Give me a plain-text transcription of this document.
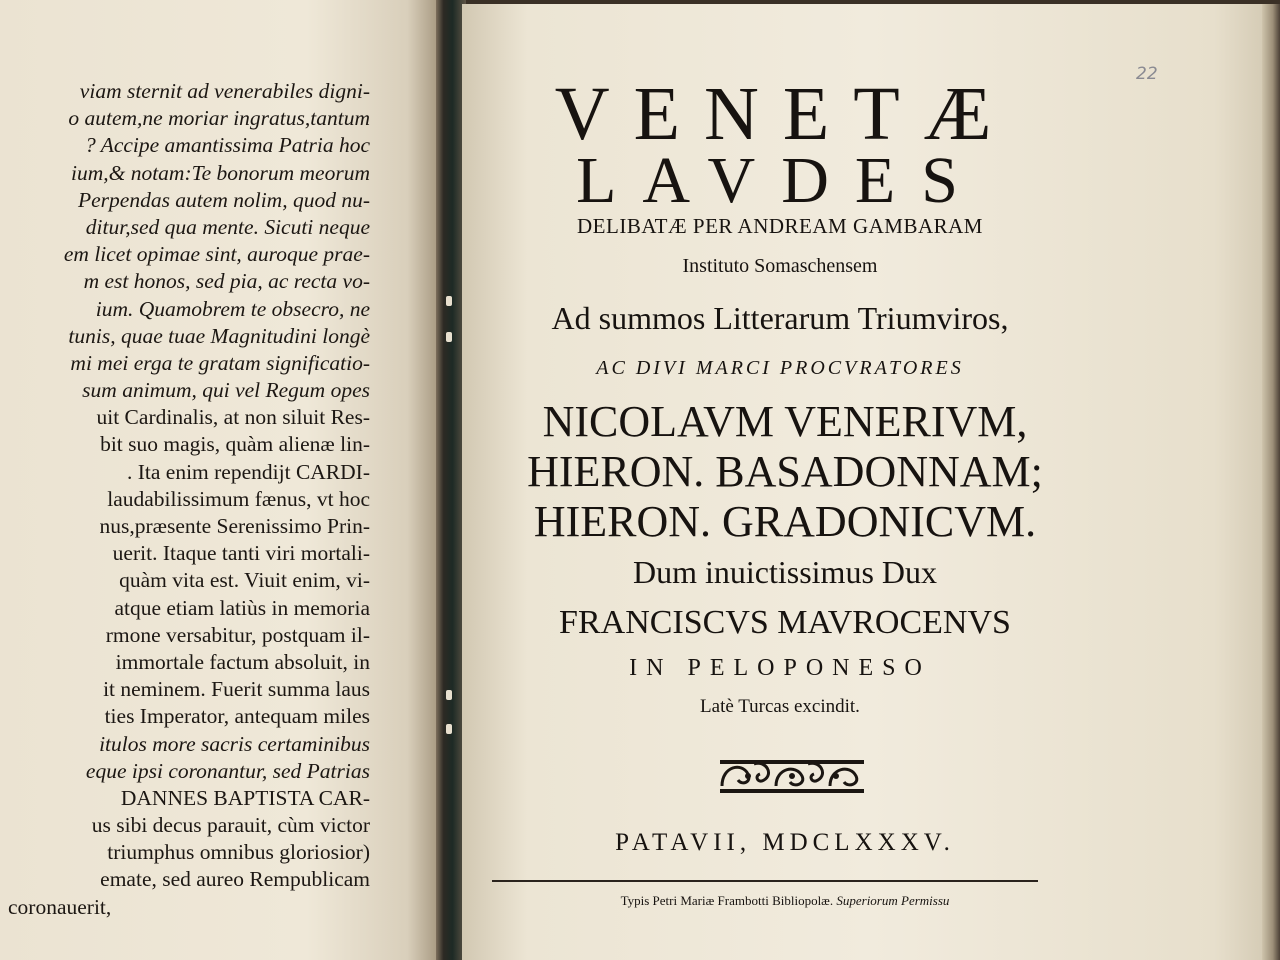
viam sternit ad venerabiles digni-
o autem,ne moriar ingratus,tantum
? Accipe amantissima Patria hoc
ium,& notam:Te bonorum meorum
Perpendas autem nolim, quod nu-
ditur,sed qua mente. Sicuti neque
em licet opimae sint, auroque prae-
m est honos, sed pia, ac recta vo-
ium. Quamobrem te obsecro, ne
tunis, quae tuae Magnitudini longè
mi mei erga te gratam significatio-
sum animum, qui vel Regum opes
uit Cardinalis, at non siluit Res-
bit suo magis, quàm alienæ lin-
. Ita enim rependijt CARDI-
laudabilissimum fænus, vt hoc
nus,præsente Serenissimo Prin-
uerit. Itaque tanti viri mortali-
quàm vita est. Viuit enim, vi-
atque etiam latiùs in memoria
rmone versabitur, postquam il-
immortale factum absoluit, in
it neminem. Fuerit summa laus
ties Imperator, antequam miles
itulos more sacris certaminibus
eque ipsi coronantur, sed Patrias
DANNES BAPTISTA CAR-
us sibi decus parauit, cùm victor
triumphus omnibus gloriosior)
emate, sed aureo Rempublicam
coronauerit,
22
VENETÆ
LAVDES
DELIBATÆ PER ANDREAM GAMBARAM
Instituto Somaschensem
Ad summos Litterarum Triumviros,
AC DIVI MARCI PROCVRATORES
NICOLAVM VENERIVM,
HIERON. BASADONNAM;
HIERON. GRADONICVM.
Dum inuictissimus Dux
FRANCISCVS MAVROCENVS
IN PELOPONESO
Latè Turcas excindit.
PATAVII, MDCLXXXV.
Typis Petri Mariæ Frambotti Bibliopolæ. Superiorum Permissu
